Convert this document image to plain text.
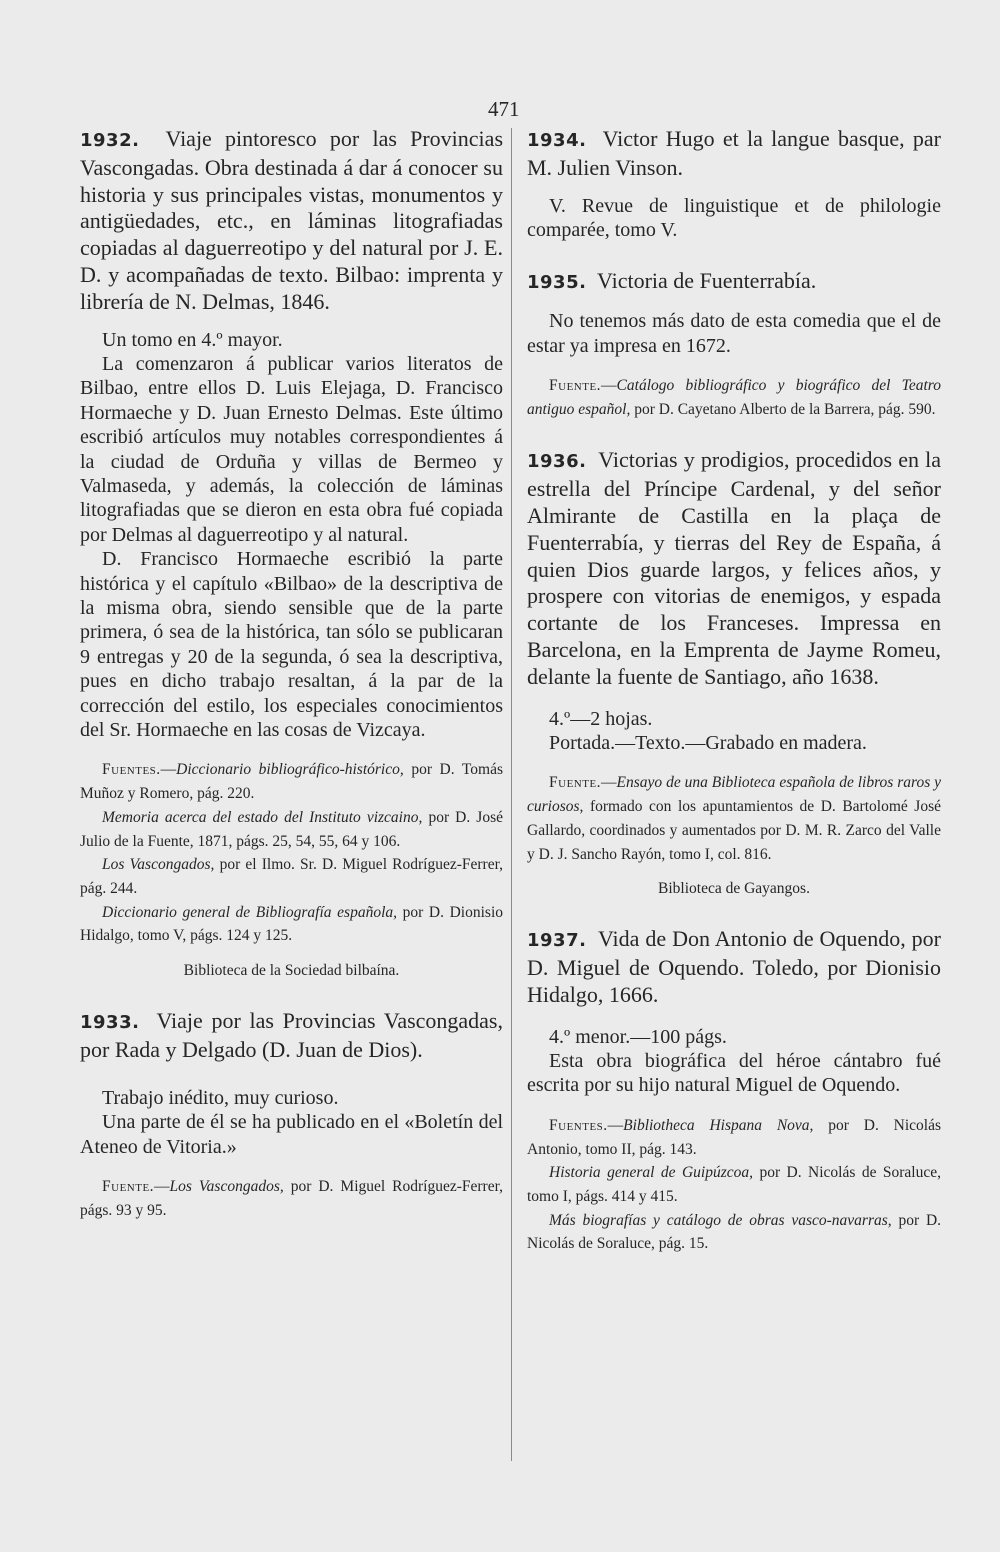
471

1932. Viaje pintoresco por las Provincias Vascongadas. Obra destinada á dar á conocer su historia y sus principales vistas, monumentos y antigüedades, etc., en láminas litografiadas copiadas al daguerreotipo y del natural por J. E. D. y acompañadas de texto. Bilbao: imprenta y librería de N. Delmas, 1846.

Un tomo en 4.º mayor.

La comenzaron á publicar varios literatos de Bilbao, entre ellos D. Luis Elejaga, D. Francisco Hormaeche y D. Juan Ernesto Delmas. Este último escribió artículos muy notables correspondientes á la ciudad de Orduña y villas de Bermeo y Valmaseda, y además, la colección de láminas litografiadas que se dieron en esta obra fué copiada por Delmas al daguerreotipo y al natural.

D. Francisco Hormaeche escribió la parte histórica y el capítulo «Bilbao» de la descriptiva de la misma obra, siendo sensible que de la parte primera, ó sea de la histórica, tan sólo se publicaran 9 entregas y 20 de la segunda, ó sea la descriptiva, pues en dicho trabajo resaltan, á la par de la corrección del estilo, los especiales conocimientos del Sr. Hormaeche en las cosas de Vizcaya.

Fuentes.—Diccionario bibliográfico-histórico, por D. Tomás Muñoz y Romero, pág. 220.

Memoria acerca del estado del Instituto vizcaino, por D. José Julio de la Fuente, 1871, págs. 25, 54, 55, 64 y 106.

Los Vascongados, por el Ilmo. Sr. D. Miguel Rodríguez-Ferrer, pág. 244.

Diccionario general de Bibliografía española, por D. Dionisio Hidalgo, tomo V, págs. 124 y 125.

Biblioteca de la Sociedad bilbaína.

1933. Viaje por las Provincias Vascongadas, por Rada y Delgado (D. Juan de Dios).

Trabajo inédito, muy curioso.

Una parte de él se ha publicado en el «Boletín del Ateneo de Vitoria.»

Fuente.—Los Vascongados, por D. Miguel Rodríguez-Ferrer, págs. 93 y 95.

1934. Victor Hugo et la langue basque, par M. Julien Vinson.

V. Revue de linguistique et de philologie comparée, tomo V.

1935. Victoria de Fuenterrabía.

No tenemos más dato de esta comedia que el de estar ya impresa en 1672.

Fuente.—Catálogo bibliográfico y biográfico del Teatro antiguo español, por D. Cayetano Alberto de la Barrera, pág. 590.

1936. Victorias y prodigios, procedidos en la estrella del Príncipe Cardenal, y del señor Almirante de Castilla en la plaça de Fuenterrabía, y tierras del Rey de España, á quien Dios guarde largos, y felices años, y prospere con vitorias de enemigos, y espada cortante de los Franceses. Impressa en Barcelona, en la Emprenta de Jayme Romeu, delante la fuente de Santiago, año 1638.

4.º—2 hojas.

Portada.—Texto.—Grabado en madera.

Fuente.—Ensayo de una Biblioteca española de libros raros y curiosos, formado con los apuntamientos de D. Bartolomé José Gallardo, coordinados y aumentados por D. M. R. Zarco del Valle y D. J. Sancho Rayón, tomo I, col. 816.

Biblioteca de Gayangos.

1937. Vida de Don Antonio de Oquendo, por D. Miguel de Oquendo. Toledo, por Dionisio Hidalgo, 1666.

4.º menor.—100 págs.

Esta obra biográfica del héroe cántabro fué escrita por su hijo natural Miguel de Oquendo.

Fuentes.—Bibliotheca Hispana Nova, por D. Nicolás Antonio, tomo II, pág. 143.

Historia general de Guipúzcoa, por D. Nicolás de Soraluce, tomo I, págs. 414 y 415.

Más biografías y catálogo de obras vasco-navarras, por D. Nicolás de Soraluce, pág. 15.
